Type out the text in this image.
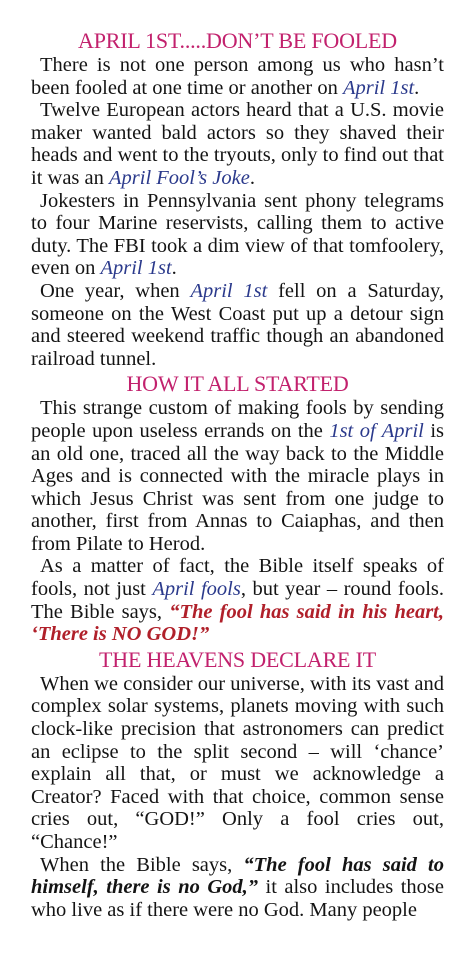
APRIL 1ST.....DON’T BE FOOLED

There is not one person among us who hasn’t been fooled at one time or another on April 1st.

Twelve European actors heard that a U.S. movie maker wanted bald actors so they shaved their heads and went to the tryouts, only to find out that it was an April Fool’s Joke.

Jokesters in Pennsylvania sent phony telegrams to four Marine reservists, calling them to active duty. The FBI took a dim view of that tomfoolery, even on April 1st.

One year, when April 1st fell on a Saturday, someone on the West Coast put up a detour sign and steered weekend traffic though an abandoned railroad tunnel.

HOW IT ALL STARTED

This strange custom of making fools by sending people upon useless errands on the 1st of April is an old one, traced all the way back to the Middle Ages and is connected with the miracle plays in which Jesus Christ was sent from one judge to another, first from Annas to Caiaphas, and then from Pilate to Herod.

As a matter of fact, the Bible itself speaks of fools, not just April fools, but year – round fools. The Bible says, “The fool has said in his heart, ‘There is NO GOD!”

THE HEAVENS DECLARE IT

When we consider our universe, with its vast and complex solar systems, planets moving with such clock-like precision that astronomers can predict an eclipse to the split second – will ‘chance’ explain all that, or must we acknowledge a Creator? Faced with that choice, common sense cries out, “GOD!” Only a fool cries out, “Chance!”

When the Bible says, “The fool has said to himself, there is no God,” it also includes those who live as if there were no God. Many people
